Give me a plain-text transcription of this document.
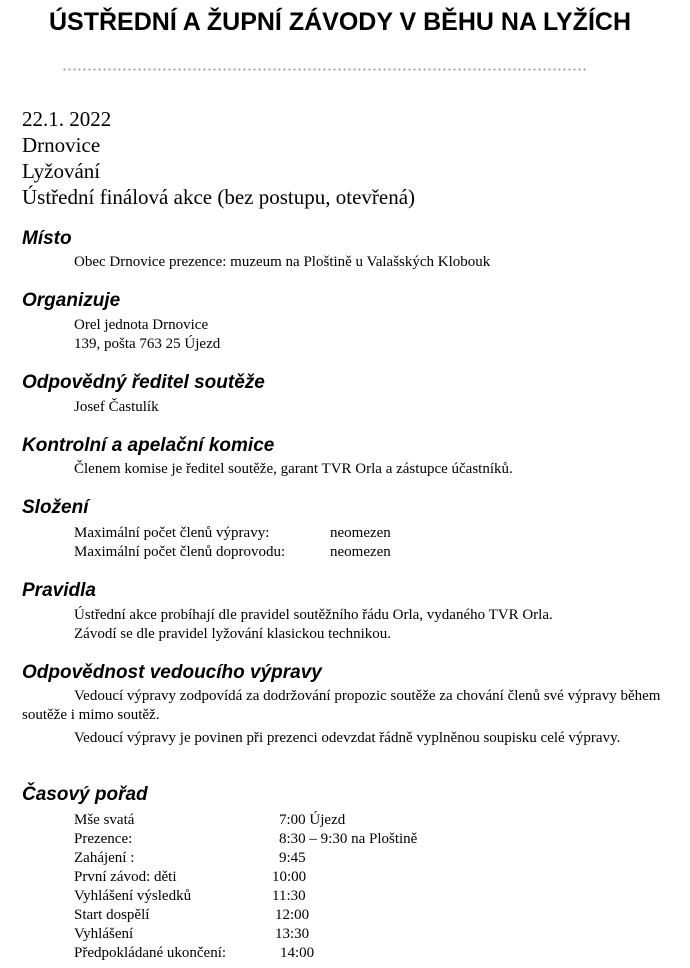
ÚSTŘEDNÍ A ŽUPNÍ ZÁVODY V BĚHU NA LYŽÍCH
22.1. 2022
Drnovice
Lyžování
Ústřední finálová akce (bez postupu, otevřená)
Místo
Obec Drnovice prezence: muzeum na Ploštině u Valašských Klobouk
Organizuje
Orel jednota Drnovice
139, pošta 763 25 Újezd
Odpovědný ředitel soutěže
Josef Častulík
Kontrolní a apelační komice
Členem komise je ředitel soutěže, garant TVR Orla a zástupce účastníků.
Složení
Maximální počet členů výpravy:	neomezen
Maximální počet členů doprovodu:	neomezen
Pravidla
Ústřední akce probíhají dle pravidel soutěžního řádu Orla, vydaného TVR Orla.
Závodí se dle pravidel lyžování klasickou technikou.
Odpovědnost vedoucího výpravy
Vedoucí výpravy zodpovídá za dodržování propozic soutěže za chování členů své výpravy během soutěže i mimo soutěž.
Vedoucí výpravy je povinen při prezenci odevzdat řádně vyplněnou soupisku celé výpravy.
Časový pořad
Mše svatá	7:00 Újezd
Prezence:	8:30 – 9:30 na Ploštině
Zahájení :	9:45
První závod: děti	10:00
Vyhlášení výsledků	11:30
Start dospělí	12:00
Vyhlášení	13:30
Předpokládané ukončení:	14:00
